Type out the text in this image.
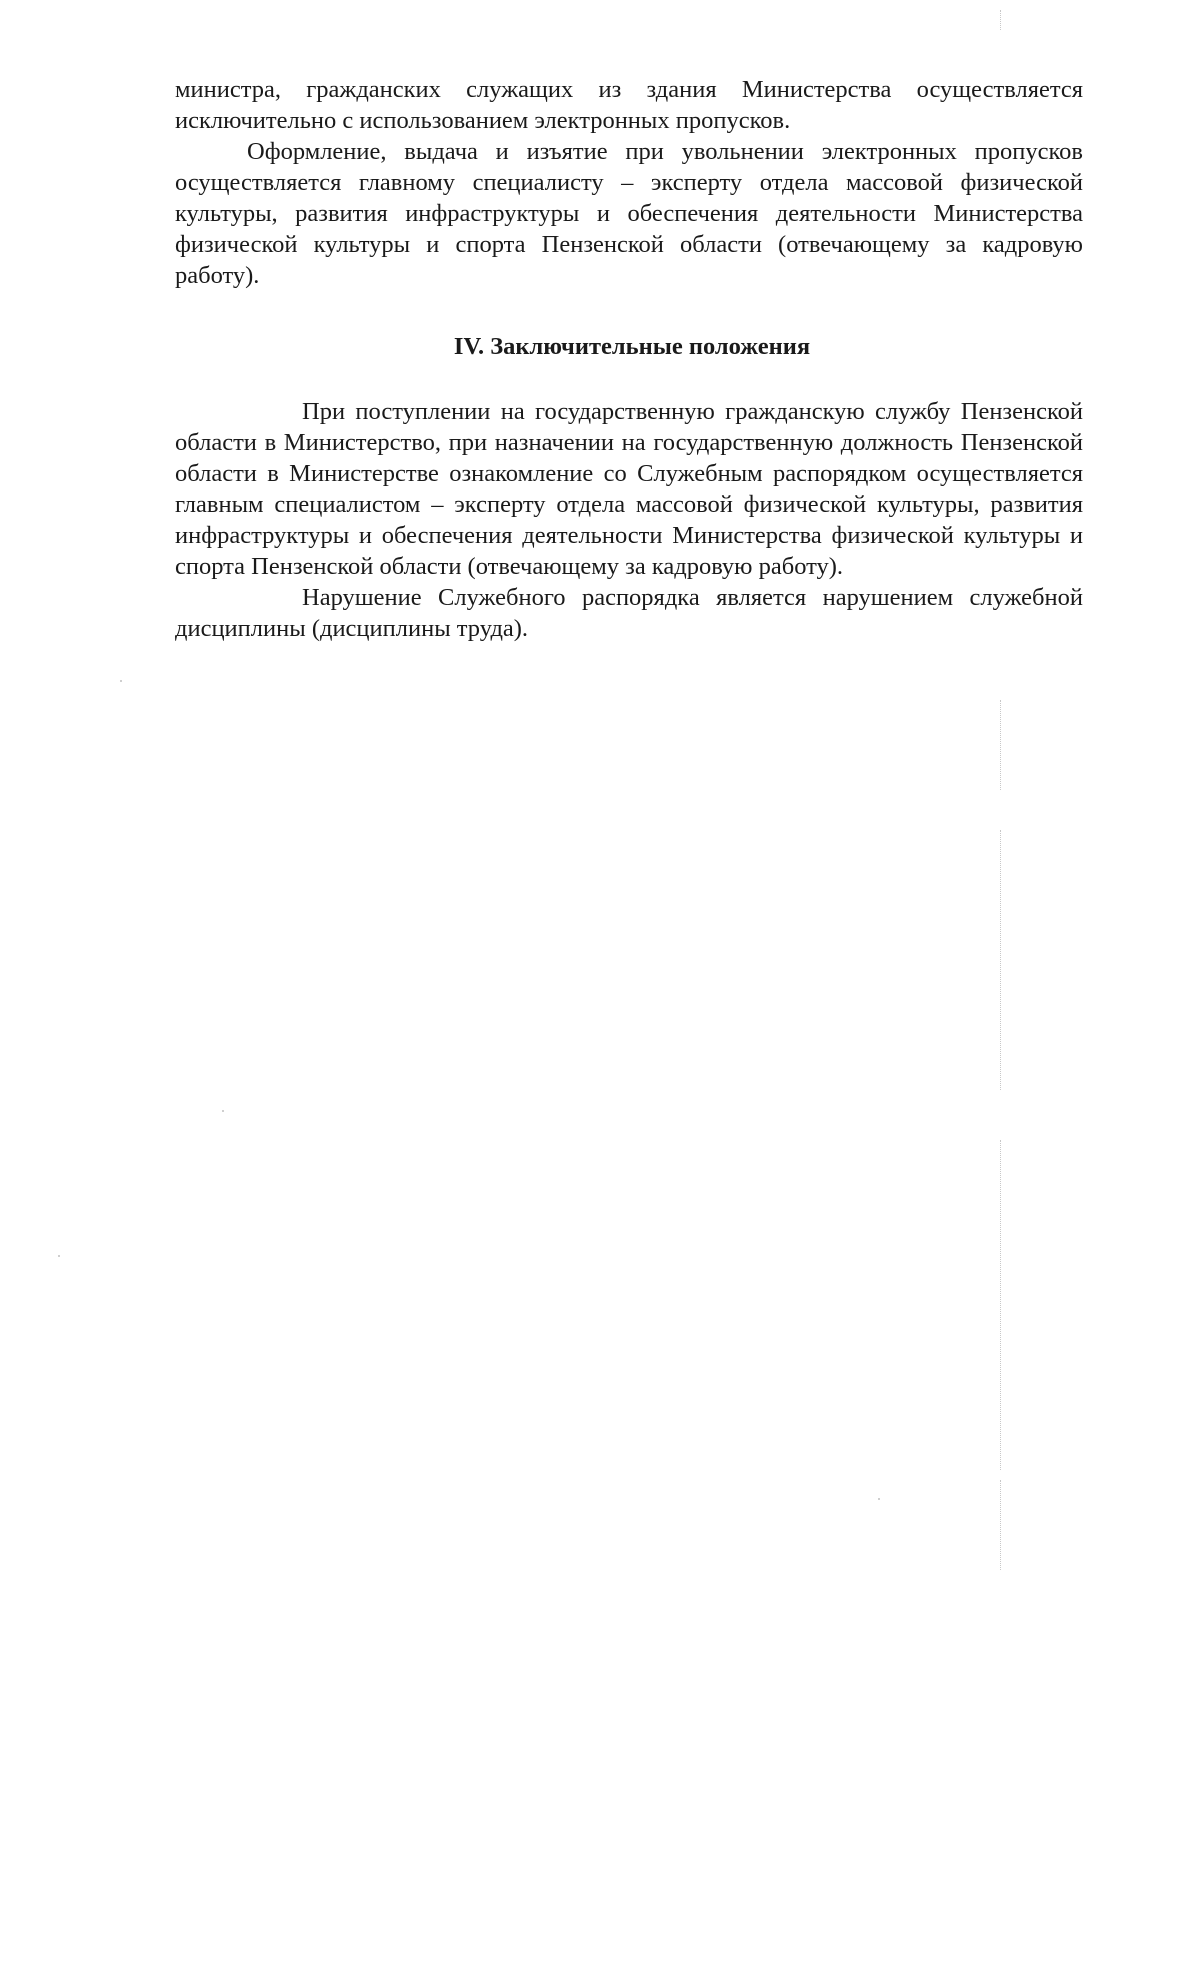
министра, гражданских служащих из здания Министерства осуществляется исключительно с использованием электронных пропусков.

Оформление, выдача и изъятие при увольнении электронных пропусков осуществляется главному специалисту – эксперту отдела массовой физической культуры, развития инфраструктуры и обеспечения деятельности Министерства физической культуры и спорта Пензенской области (отвечающему за кадровую работу).

IV. Заключительные положения

При поступлении на государственную гражданскую службу Пензенской области в Министерство, при назначении на государственную должность Пензенской области в Министерстве ознакомление со Служебным распорядком осуществляется главным специалистом – эксперту отдела массовой физической культуры, развития инфраструктуры и обеспечения деятельности Министерства физической культуры и спорта Пензенской области (отвечающему за кадровую работу).

Нарушение Служебного распорядка является нарушением служебной дисциплины (дисциплины труда).
